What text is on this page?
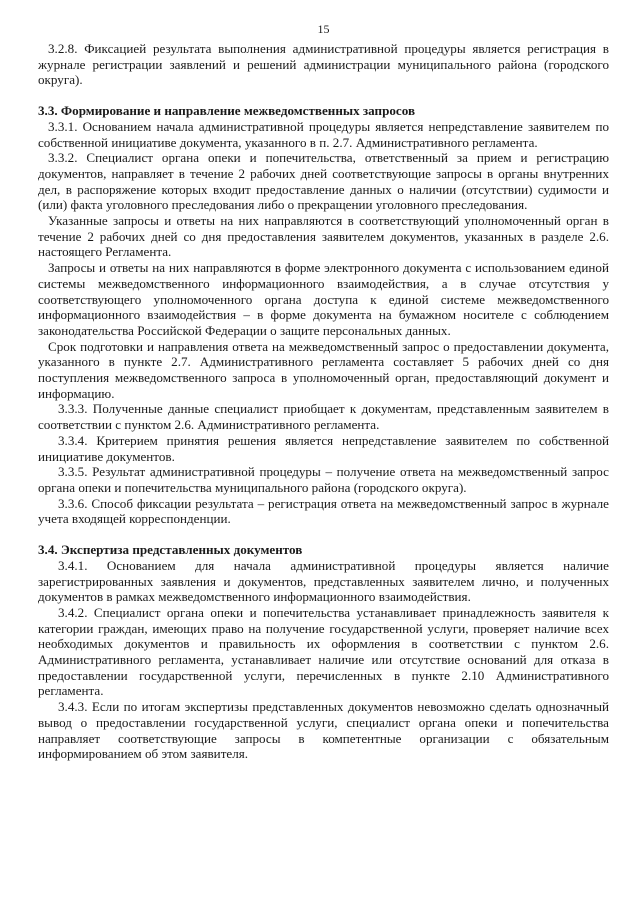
15

3.2.8. Фиксацией результата выполнения административной процедуры является регистрация в журнале регистрации заявлений и решений администрации муниципального района (городского округа).

3.3. Формирование и направление межведомственных запросов

3.3.1. Основанием начала административной процедуры является непредставление заявителем по собственной инициативе документа, указанного в п. 2.7. Административного регламента.

3.3.2. Специалист органа опеки и попечительства, ответственный за прием и регистрацию документов, направляет в течение 2 рабочих дней соответствующие запросы в органы внутренних дел, в распоряжение которых входит предоставление данных о наличии (отсутствии) судимости и (или) факта уголовного преследования либо о прекращении уголовного преследования.

Указанные запросы и ответы на них направляются в соответствующий уполномоченный орган в течение 2 рабочих дней со дня предоставления заявителем документов, указанных в разделе 2.6. настоящего Регламента.

Запросы и ответы на них направляются в форме электронного документа с использованием единой системы межведомственного информационного взаимодействия, а в случае отсутствия у соответствующего уполномоченного органа доступа к единой системе межведомственного информационного взаимодействия – в форме документа на бумажном носителе с соблюдением законодательства Российской Федерации о защите персональных данных.

Срок подготовки и направления ответа на межведомственный запрос о предоставлении документа, указанного в пункте 2.7. Административного регламента составляет 5 рабочих дней со дня поступления межведомственного запроса в уполномоченный орган, предоставляющий документ и информацию.

3.3.3. Полученные данные специалист приобщает к документам, представленным заявителем в соответствии с пунктом 2.6. Административного регламента.

3.3.4. Критерием принятия решения является непредставление заявителем по собственной инициативе документов.

3.3.5. Результат административной процедуры – получение ответа на межведомственный запрос органа опеки и попечительства муниципального района (городского округа).

3.3.6. Способ фиксации результата – регистрация ответа на межведомственный запрос в журнале учета входящей корреспонденции.

3.4. Экспертиза представленных документов

3.4.1. Основанием для начала административной процедуры является наличие зарегистрированных заявления и документов, представленных заявителем лично, и полученных документов в рамках межведомственного информационного взаимодействия.

3.4.2. Специалист органа опеки и попечительства устанавливает принадлежность заявителя к категории граждан, имеющих право на получение государственной услуги, проверяет наличие всех необходимых документов и правильность их оформления в соответствии с пунктом 2.6. Административного регламента, устанавливает наличие или отсутствие оснований для отказа в предоставлении государственной услуги, перечисленных в пункте 2.10 Административного регламента.

3.4.3. Если по итогам экспертизы представленных документов невозможно сделать однозначный вывод о предоставлении государственной услуги, специалист органа опеки и попечительства направляет соответствующие запросы в компетентные организации с обязательным информированием об этом заявителя.
